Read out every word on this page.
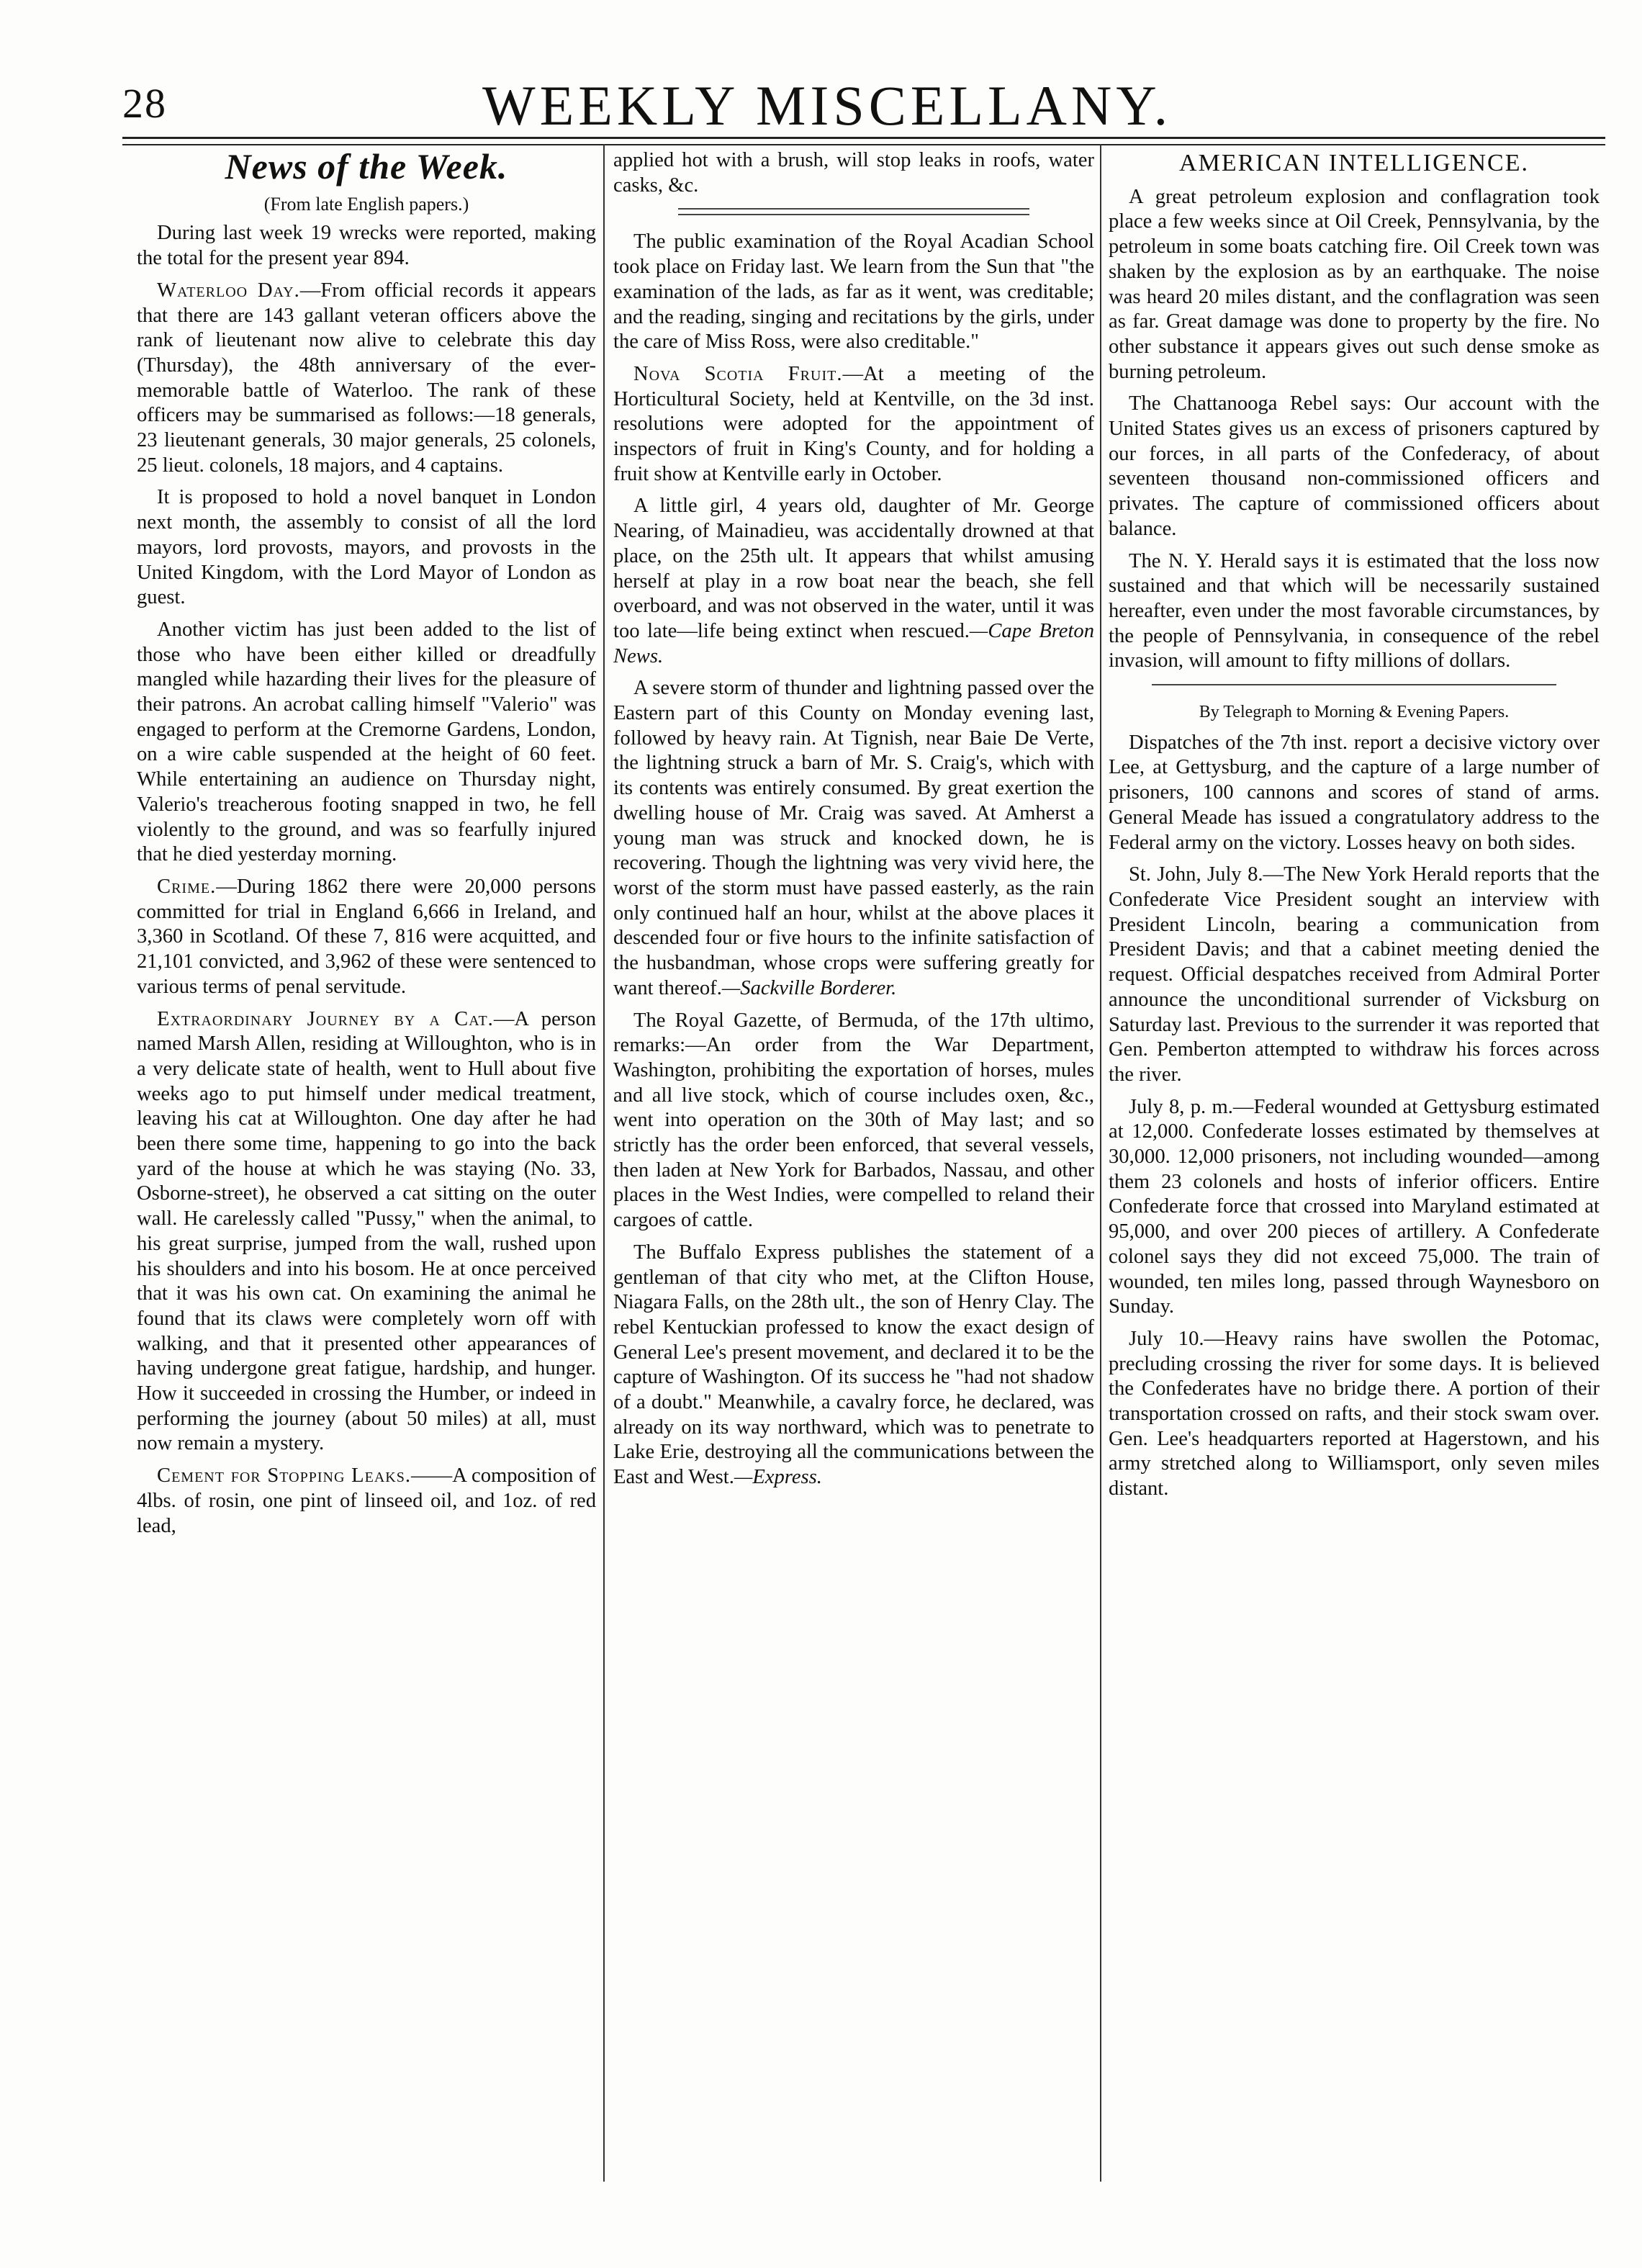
28	WEEKLY MISCELLANY.
News of the Week.

(From late English papers.)

During last week 19 wrecks were reported, making the total for the present year 894.

Waterloo Day.—From official records it appears that there are 143 gallant veteran officers above the rank of lieutenant now alive to celebrate this day (Thursday), the 48th anniversary of the ever-memorable battle of Waterloo. The rank of these officers may be summarised as follows:—18 generals, 23 lieutenant generals, 30 major generals, 25 colonels, 25 lieut. colonels, 18 majors, and 4 captains.

It is proposed to hold a novel banquet in London next month, the assembly to consist of all the lord mayors, lord provosts, mayors, and provosts in the United Kingdom, with the Lord Mayor of London as guest.

Another victim has just been added to the list of those who have been either killed or dreadfully mangled while hazarding their lives for the pleasure of their patrons. An acrobat calling himself "Valerio" was engaged to perform at the Cremorne Gardens, London, on a wire cable suspended at the height of 60 feet. While entertaining an audience on Thursday night, Valerio's treacherous footing snapped in two, he fell violently to the ground, and was so fearfully injured that he died yesterday morning.

Crime.—During 1862 there were 20,000 persons committed for trial in England 6,666 in Ireland, and 3,360 in Scotland. Of these 7, 816 were acquitted, and 21,101 convicted, and 3,962 of these were sentenced to various terms of penal servitude.

Extraordinary Journey by a Cat.—A person named Marsh Allen, residing at Willoughton, who is in a very delicate state of health, went to Hull about five weeks ago to put himself under medical treatment, leaving his cat at Willoughton. One day after he had been there some time, happening to go into the back yard of the house at which he was staying (No. 33, Osborne-street), he observed a cat sitting on the outer wall. He carelessly called "Pussy," when the animal, to his great surprise, jumped from the wall, rushed upon his shoulders and into his bosom. He at once perceived that it was his own cat. On examining the animal he found that its claws were completely worn off with walking, and that it presented other appearances of having undergone great fatigue, hardship, and hunger. How it succeeded in crossing the Humber, or indeed in performing the journey (about 50 miles) at all, must now remain a mystery.

Cement for Stopping Leaks.——A composition of 4lbs. of rosin, one pint of linseed oil, and 1oz. of red lead,

applied hot with a brush, will stop leaks in roofs, water casks, &c.

The public examination of the Royal Acadian School took place on Friday last. We learn from the Sun that "the examination of the lads, as far as it went, was creditable; and the reading, singing and recitations by the girls, under the care of Miss Ross, were also creditable."

Nova Scotia Fruit.—At a meeting of the Horticultural Society, held at Kentville, on the 3d inst. resolutions were adopted for the appointment of inspectors of fruit in King's County, and for holding a fruit show at Kentville early in October.

A little girl, 4 years old, daughter of Mr. George Nearing, of Mainadieu, was accidentally drowned at that place, on the 25th ult. It appears that whilst amusing herself at play in a row boat near the beach, she fell overboard, and was not observed in the water, until it was too late—life being extinct when rescued.—Cape Breton News.

A severe storm of thunder and lightning passed over the Eastern part of this County on Monday evening last, followed by heavy rain. At Tignish, near Baie De Verte, the lightning struck a barn of Mr. S. Craig's, which with its contents was entirely consumed. By great exertion the dwelling house of Mr. Craig was saved. At Amherst a young man was struck and knocked down, he is recovering. Though the lightning was very vivid here, the worst of the storm must have passed easterly, as the rain only continued half an hour, whilst at the above places it descended four or five hours to the infinite satisfaction of the husbandman, whose crops were suffering greatly for want thereof.—Sackville Borderer.

The Royal Gazette, of Bermuda, of the 17th ultimo, remarks:—An order from the War Department, Washington, prohibiting the exportation of horses, mules and all live stock, which of course includes oxen, &c., went into operation on the 30th of May last; and so strictly has the order been enforced, that several vessels, then laden at New York for Barbados, Nassau, and other places in the West Indies, were compelled to reland their cargoes of cattle.

The Buffalo Express publishes the statement of a gentleman of that city who met, at the Clifton House, Niagara Falls, on the 28th ult., the son of Henry Clay. The rebel Kentuckian professed to know the exact design of General Lee's present movement, and declared it to be the capture of Washington. Of its success he "had not shadow of a doubt." Meanwhile, a cavalry force, he declared, was already on its way northward, which was to penetrate to Lake Erie, destroying all the communications between the East and West.—Express.

AMERICAN INTELLIGENCE.

A great petroleum explosion and conflagration took place a few weeks since at Oil Creek, Pennsylvania, by the petroleum in some boats catching fire. Oil Creek town was shaken by the explosion as by an earthquake. The noise was heard 20 miles distant, and the conflagration was seen as far. Great damage was done to property by the fire. No other substance it appears gives out such dense smoke as burning petroleum.

The Chattanooga Rebel says: Our account with the United States gives us an excess of prisoners captured by our forces, in all parts of the Confederacy, of about seventeen thousand non-commissioned officers and privates. The capture of commissioned officers about balance.

The N. Y. Herald says it is estimated that the loss now sustained and that which will be necessarily sustained hereafter, even under the most favorable circumstances, by the people of Pennsylvania, in consequence of the rebel invasion, will amount to fifty millions of dollars.

By Telegraph to Morning & Evening Papers.

Dispatches of the 7th inst. report a decisive victory over Lee, at Gettysburg, and the capture of a large number of prisoners, 100 cannons and scores of stand of arms. General Meade has issued a congratulatory address to the Federal army on the victory. Losses heavy on both sides.

St. John, July 8.—The New York Herald reports that the Confederate Vice President sought an interview with President Lincoln, bearing a communication from President Davis; and that a cabinet meeting denied the request. Official despatches received from Admiral Porter announce the unconditional surrender of Vicksburg on Saturday last. Previous to the surrender it was reported that Gen. Pemberton attempted to withdraw his forces across the river.

July 8, p. m.—Federal wounded at Gettysburg estimated at 12,000. Confederate losses estimated by themselves at 30,000. 12,000 prisoners, not including wounded—among them 23 colonels and hosts of inferior officers. Entire Confederate force that crossed into Maryland estimated at 95,000, and over 200 pieces of artillery. A Confederate colonel says they did not exceed 75,000. The train of wounded, ten miles long, passed through Waynesboro on Sunday.

July 10.—Heavy rains have swollen the Potomac, precluding crossing the river for some days. It is believed the Confederates have no bridge there. A portion of their transportation crossed on rafts, and their stock swam over. Gen. Lee's headquarters reported at Hagerstown, and his army stretched along to Williamsport, only seven miles distant.
